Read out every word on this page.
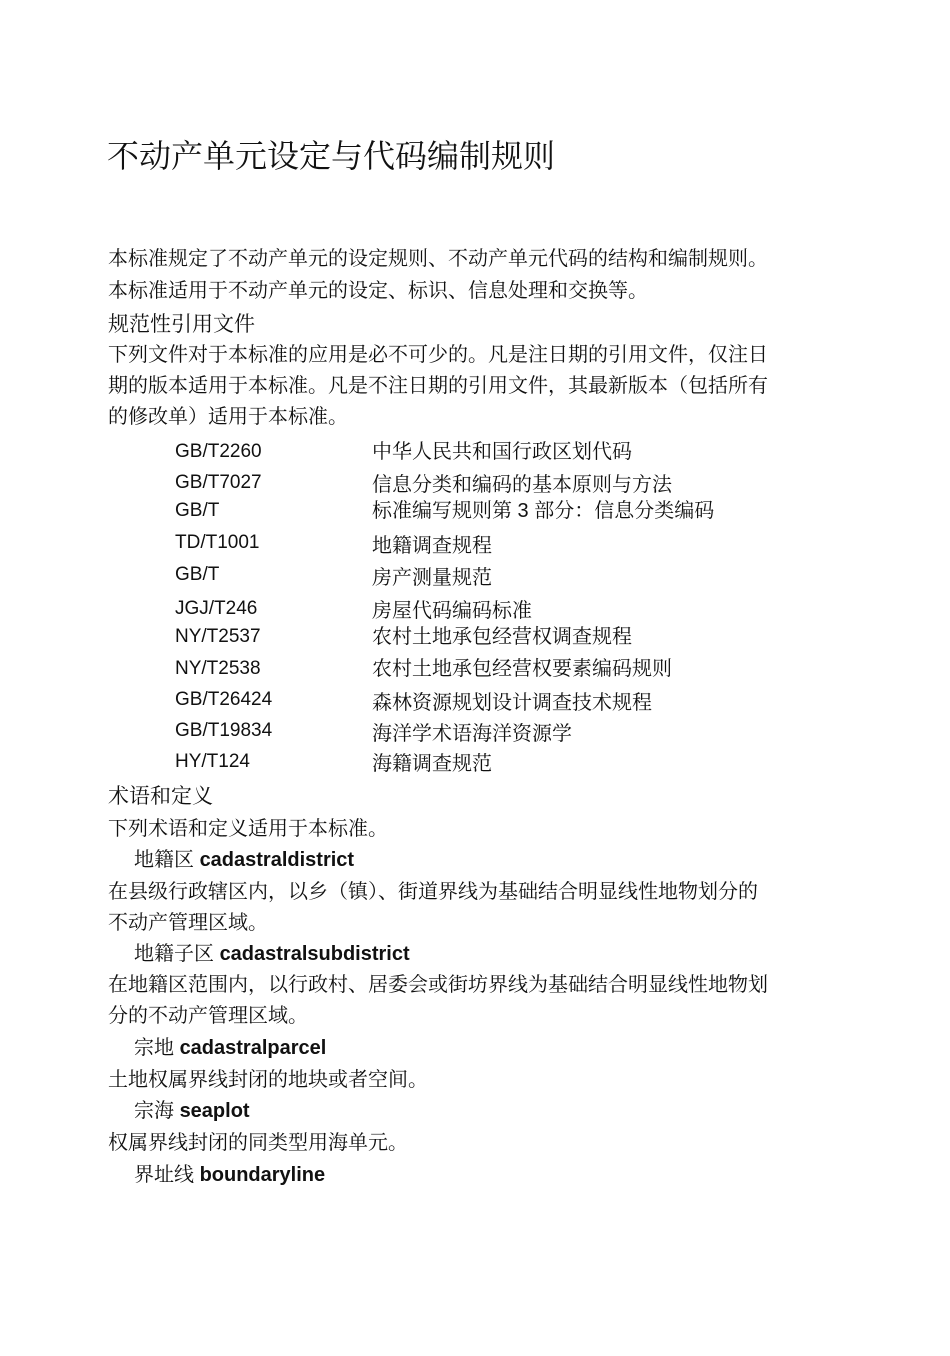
不动产单元设定与代码编制规则
本标准规定了不动产单元的设定规则、不动产单元代码的结构和编制规则。
本标准适用于不动产单元的设定、标识、信息处理和交换等。
规范性引用文件
下列文件对于本标准的应用是必不可少的。凡是注日期的引用文件，仅注日
期的版本适用于本标准。凡是不注日期的引用文件，其最新版本（包括所有
的修改单）适用于本标准。
GB/T2260	中华人民共和国行政区划代码
GB/T7027	信息分类和编码的基本原则与方法
GB/T	标准编写规则第 3 部分：信息分类编码
TD/T1001	地籍调查规程
GB/T	房产测量规范
JGJ/T246	房屋代码编码标准
NY/T2537	农村土地承包经营权调查规程
NY/T2538	农村土地承包经营权要素编码规则
GB/T26424	森林资源规划设计调查技术规程
GB/T19834	海洋学术语海洋资源学
HY/T124	海籍调查规范
术语和定义
下列术语和定义适用于本标准。
地籍区 cadastraldistrict
在县级行政辖区内，以乡（镇）、街道界线为基础结合明显线性地物划分的
不动产管理区域。
地籍子区 cadastralsubdistrict
在地籍区范围内，以行政村、居委会或街坊界线为基础结合明显线性地物划
分的不动产管理区域。
宗地 cadastralparcel
土地权属界线封闭的地块或者空间。
宗海 seaplot
权属界线封闭的同类型用海单元。
界址线 boundaryline
